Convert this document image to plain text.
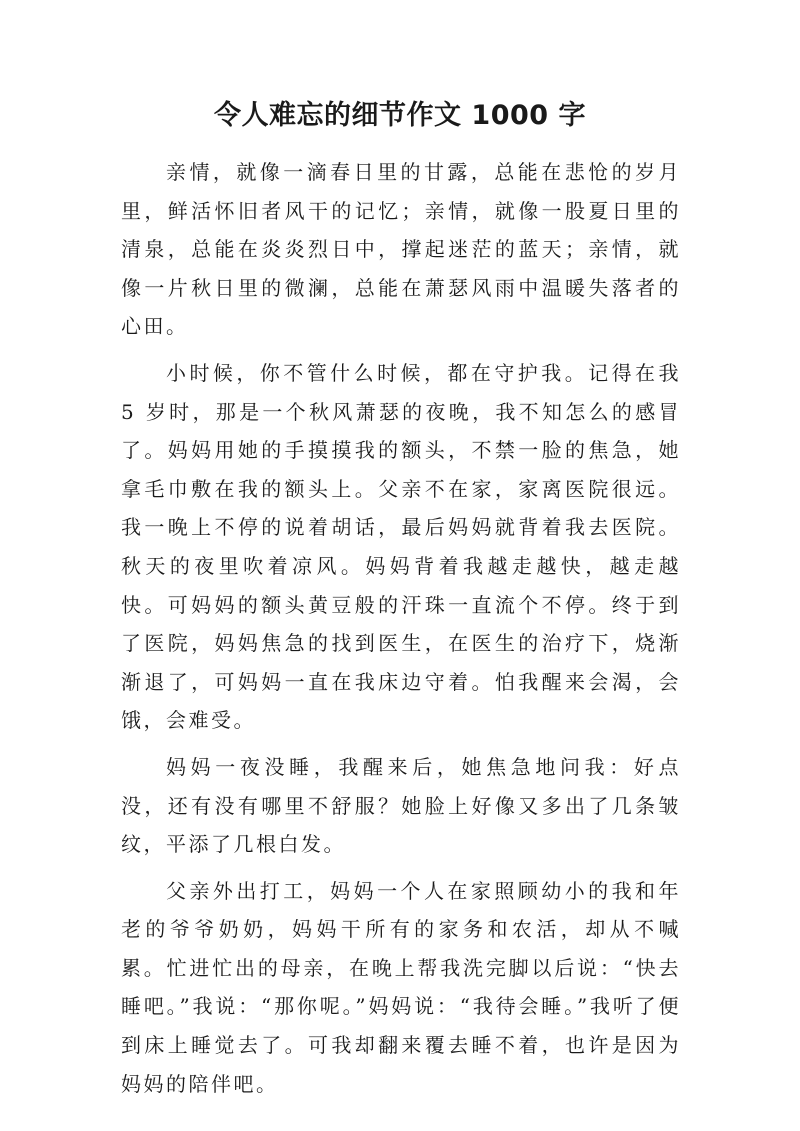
令人难忘的细节作文 1000 字

亲情，就像一滴春日里的甘露，总能在悲怆的岁月里，鲜活怀旧者风干的记忆；亲情，就像一股夏日里的清泉，总能在炎炎烈日中，撑起迷茫的蓝天；亲情，就像一片秋日里的微澜，总能在萧瑟风雨中温暖失落者的心田。

小时候，你不管什么时候，都在守护我。记得在我 5 岁时，那是一个秋风萧瑟的夜晚，我不知怎么的感冒了。妈妈用她的手摸摸我的额头，不禁一脸的焦急，她拿毛巾敷在我的额头上。父亲不在家，家离医院很远。我一晚上不停的说着胡话，最后妈妈就背着我去医院。秋天的夜里吹着凉风。妈妈背着我越走越快，越走越快。可妈妈的额头黄豆般的汗珠一直流个不停。终于到了医院，妈妈焦急的找到医生，在医生的治疗下，烧渐渐退了，可妈妈一直在我床边守着。怕我醒来会渴，会饿，会难受。

妈妈一夜没睡，我醒来后，她焦急地问我：好点没，还有没有哪里不舒服？她脸上好像又多出了几条皱纹，平添了几根白发。

父亲外出打工，妈妈一个人在家照顾幼小的我和年老的爷爷奶奶，妈妈干所有的家务和农活，却从不喊累。忙进忙出的母亲，在晚上帮我洗完脚以后说：“快去睡吧。”我说：“那你呢。”妈妈说：“我待会睡。”我听了便到床上睡觉去了。可我却翻来覆去睡不着，也许是因为妈妈的陪伴吧。
